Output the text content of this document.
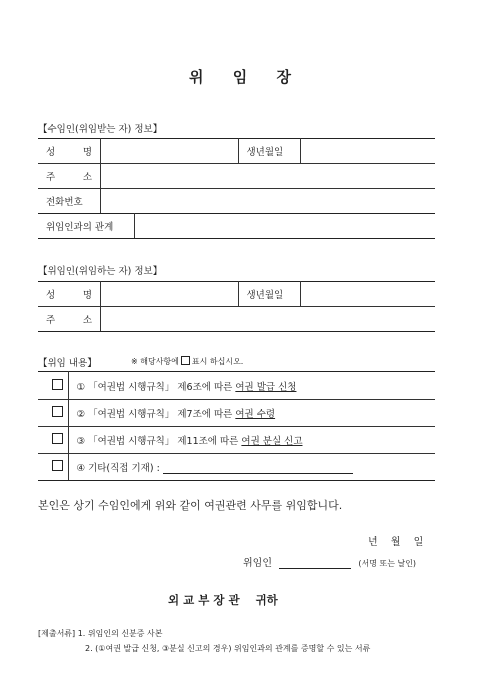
위 임 장
【수임인(위임받는 자) 정보】
성 명		생년월일	

주 소			

전화번호			
위임인과의 관계	
【위임인(위임하는 자) 정보】
성 명		생년월일	

주 소			

【위임 내용】	※ 해당사항에 표시 하십시오.
	① 「여권법 시행규칙」 제6조에 따른 여권 발급 신청
	② 「여권법 시행규칙」 제7조에 따른 여권 수령
	③ 「여권법 시행규칙」 제11조에 따른 여권 분실 신고
	④ 기타(직접 기재) :
본인은 상기 수임인에게 위와 같이 여권관련 사무를 위임합니다.
년 월 일
위임인	(서명 또는 날인)
외 교 부 장 관 귀하
[제출서류] 1. 위임인의 신분증 사본
2. (①여권 발급 신청, ③분실 신고의 경우) 위임인과의 관계를 증명할 수 있는 서류
